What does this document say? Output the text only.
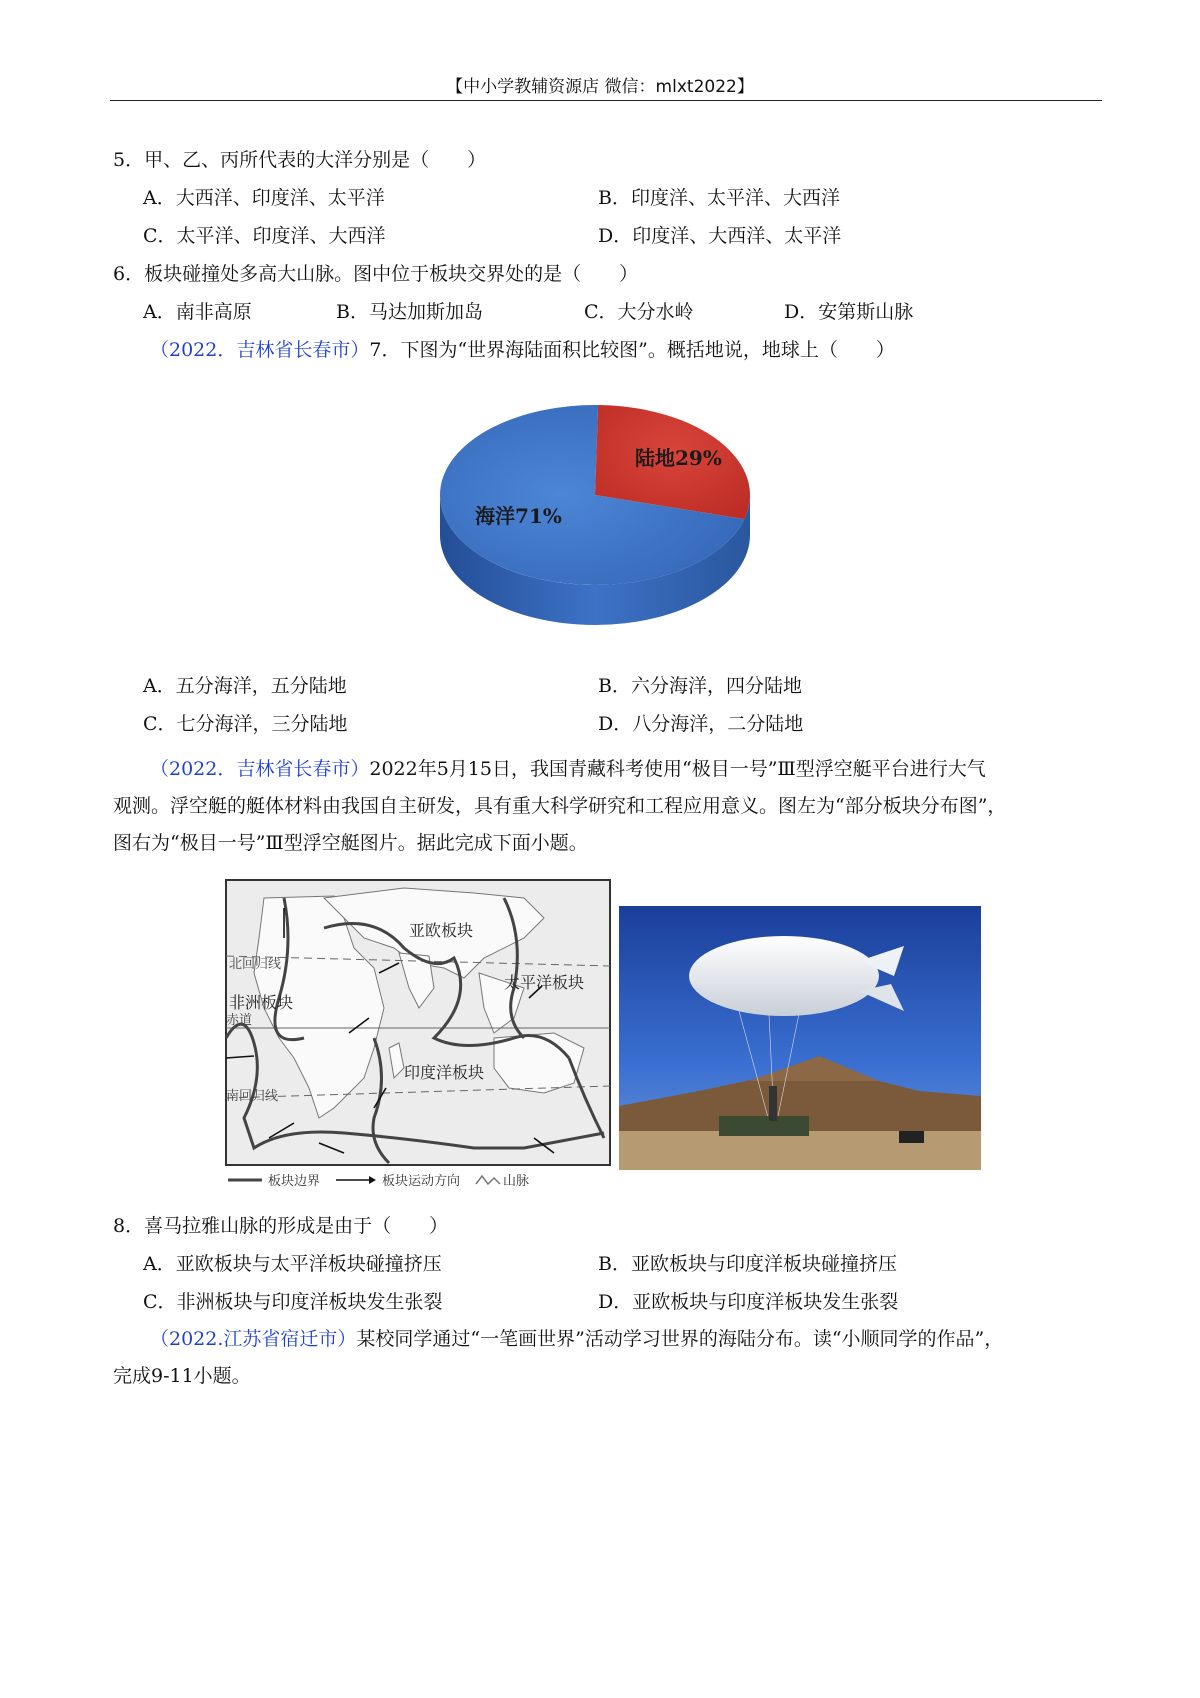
【中小学教辅资源店 微信：mlxt2022】
5．甲、乙、丙所代表的大洋分别是（　　）
A．大西洋、印度洋、太平洋	B．印度洋、太平洋、大西洋
C．太平洋、印度洋、大西洋	D．印度洋、大西洋、太平洋
6．板块碰撞处多高大山脉。图中位于板块交界处的是（　　）
A．南非高原	B．马达加斯加岛	C．大分水岭	D．安第斯山脉
（2022．吉林省长春市）7．下图为“世界海陆面积比较图”。概括地说，地球上（　　）
陆地29%
海洋71%
A．五分海洋，五分陆地	B．六分海洋，四分陆地
C．七分海洋，三分陆地	D．八分海洋，二分陆地
（2022．吉林省长春市）2022年5月15日，我国青藏科考使用“极目一号”Ⅲ型浮空艇平台进行大气
观测。浮空艇的艇体材料由我国自主研发，具有重大科学研究和工程应用意义。图左为“部分板块分布图”，
图右为“极目一号”Ⅲ型浮空艇图片。据此完成下面小题。
亚欧板块
北回归线
非洲板块
太平洋板块
赤道
印度洋板块
南回归线
板块边界	板块运动方向	山脉
8．喜马拉雅山脉的形成是由于（　　）
A．亚欧板块与太平洋板块碰撞挤压	B．亚欧板块与印度洋板块碰撞挤压
C．非洲板块与印度洋板块发生张裂	D．亚欧板块与印度洋板块发生张裂
（2022.江苏省宿迁市）某校同学通过“一笔画世界”活动学习世界的海陆分布。读“小顺同学的作品”，
完成9-11小题。
